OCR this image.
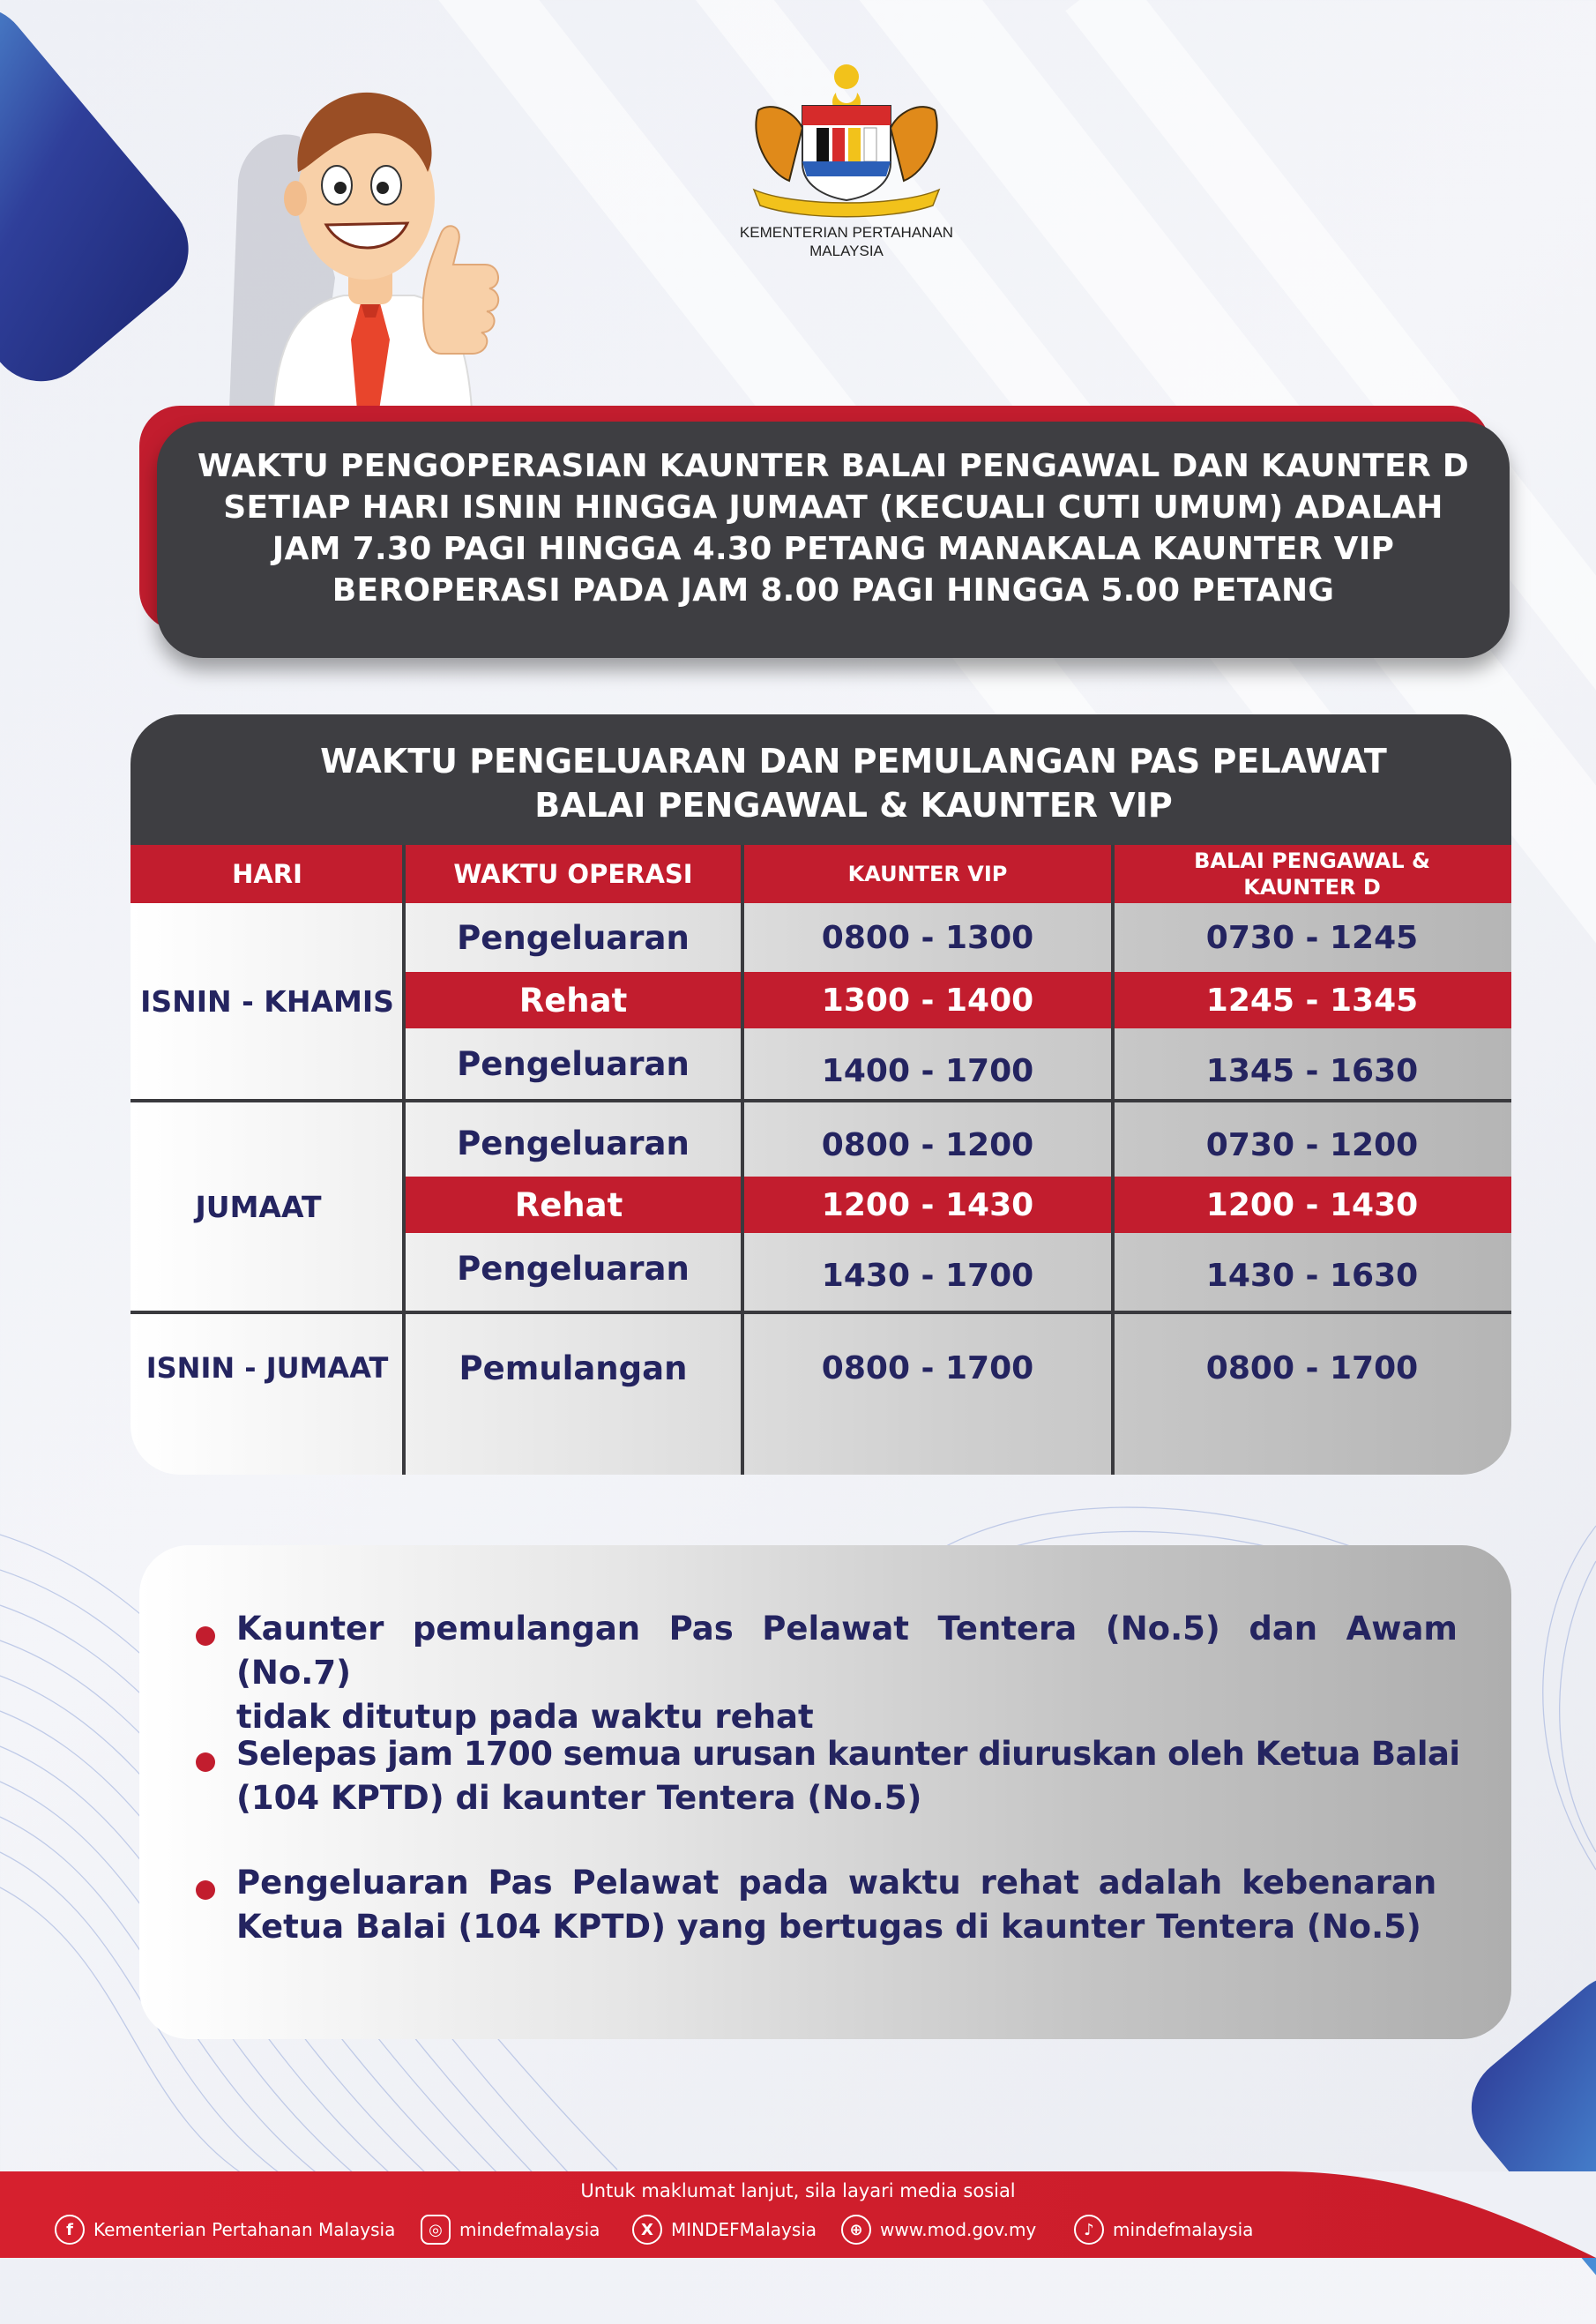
KEMENTERIAN PERTAHANAN
MALAYSIA
WAKTU PENGOPERASIAN KAUNTER BALAI PENGAWAL DAN KAUNTER D
SETIAP HARI ISNIN HINGGA JUMAAT (KECUALI CUTI UMUM) ADALAH
JAM 7.30 PAGI HINGGA 4.30 PETANG MANAKALA KAUNTER VIP
BEROPERASI PADA JAM 8.00 PAGI HINGGA 5.00 PETANG
WAKTU PENGELUARAN DAN PEMULANGAN PAS PELAWAT
BALAI PENGAWAL & KAUNTER VIP
HARI	WAKTU OPERASI	KAUNTER VIP
BALAI PENGAWAL &
KAUNTER D
ISNIN - KHAMIS
Pengeluaran	0800 - 1300	0730 - 1245
Rehat	1300 - 1400	1245 - 1345
Pengeluaran	1400 - 1700	1345 - 1630
JUMAAT
Pengeluaran	0800 - 1200	0730 - 1200
Rehat	1200 - 1430	1200 - 1430
Pengeluaran	1430 - 1700	1430 - 1630
ISNIN - JUMAAT	Pemulangan	0800 - 1700	0800 - 1700
Kaunter pemulangan Pas Pelawat Tentera (No.5) dan Awam (No.7)
tidak ditutup pada waktu rehat
Selepas jam 1700 semua urusan kaunter diuruskan oleh Ketua Balai
(104 KPTD) di kaunter Tentera (No.5)
Pengeluaran Pas Pelawat pada waktu rehat adalah kebenaran
Ketua Balai (104 KPTD) yang bertugas di kaunter Tentera (No.5)
Untuk maklumat lanjut, sila layari media sosial
f	Kementerian Pertahanan Malaysia	◎ mindefmalaysia	X	MINDEFMalaysia	⊕ www.mod.gov.my	♪	mindefmalaysia
